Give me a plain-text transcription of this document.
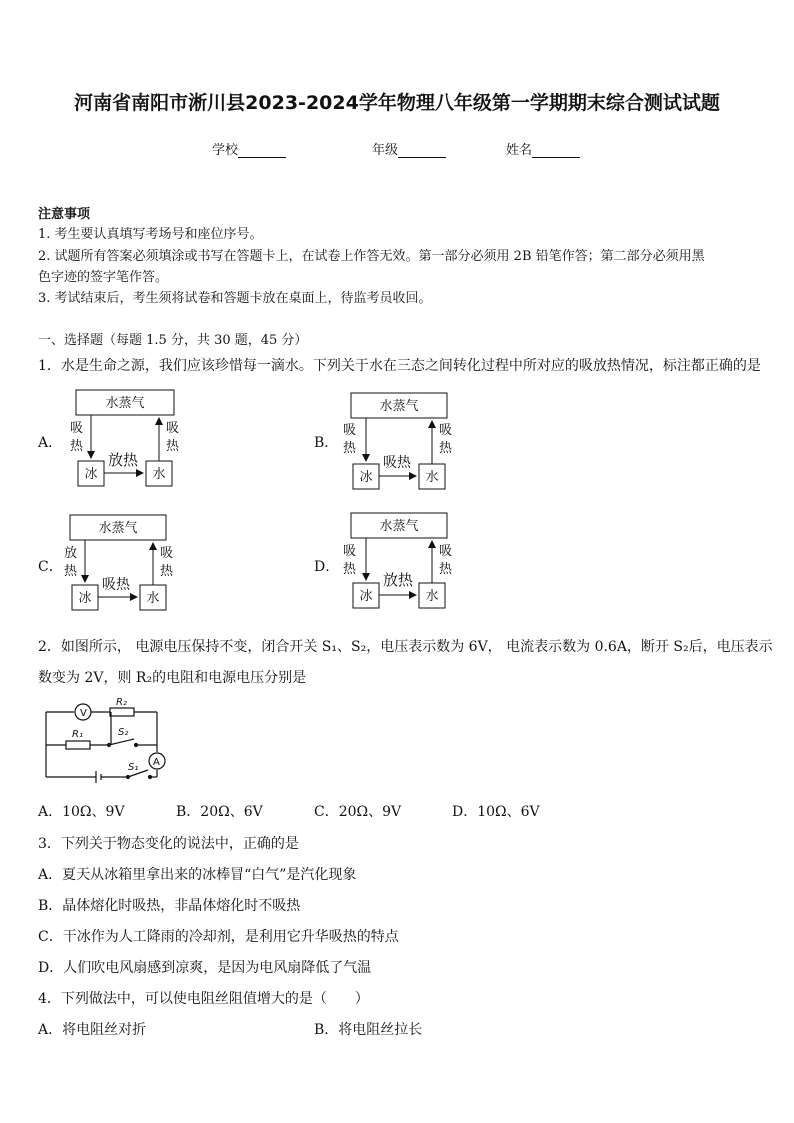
河南省南阳市淅川县2023-2024学年物理八年级第一学期期末综合测试试题
学校	年级	姓名
注意事项
1. 考生要认真填写考场号和座位序号。
2. 试题所有答案必须填涂或书写在答题卡上，在试卷上作答无效。第一部分必须用 2B 铅笔作答；第二部分必须用黑
色字迹的签字笔作答。
3. 考试结束后，考生须将试卷和答题卡放在桌面上，待监考员收回。
一、选择题（每题 1.5 分，共 30 题，45 分）
1．水是生命之源，我们应该珍惜每一滴水。下列关于水在三态之间转化过程中所对应的吸放热情况，标注都正确的是
水蒸气
冰	水
吸
热
吸
热
放热
水蒸气
冰	水
吸
热
吸
热
吸热
水蒸气
冰	水
放
热
吸
热
吸热
水蒸气
冰	水
吸
热
吸
热
放热
V
R₂
R₁	S₂
S₁ A
A．	B．
C．	D．
2．如图所示， 电源电压保持不变，闭合开关 S₁、S₂，电压表示数为 6V， 电流表示数为 0.6A，断开 S₂后，电压表示
数变为 2V，则 R₂的电阻和电源电压分别是
A．10Ω、9V	B．20Ω、6V	C．20Ω、9V	D．10Ω、6V
3．下列关于物态变化的说法中，正确的是
A．夏天从冰箱里拿出来的冰棒冒“白气”是汽化现象
B．晶体熔化时吸热，非晶体熔化时不吸热
C．干冰作为人工降雨的冷却剂，是利用它升华吸热的特点
D．人们吹电风扇感到凉爽，是因为电风扇降低了气温
4．下列做法中，可以使电阻丝阻值增大的是（　　）
A．将电阻丝对折	B．将电阻丝拉长
